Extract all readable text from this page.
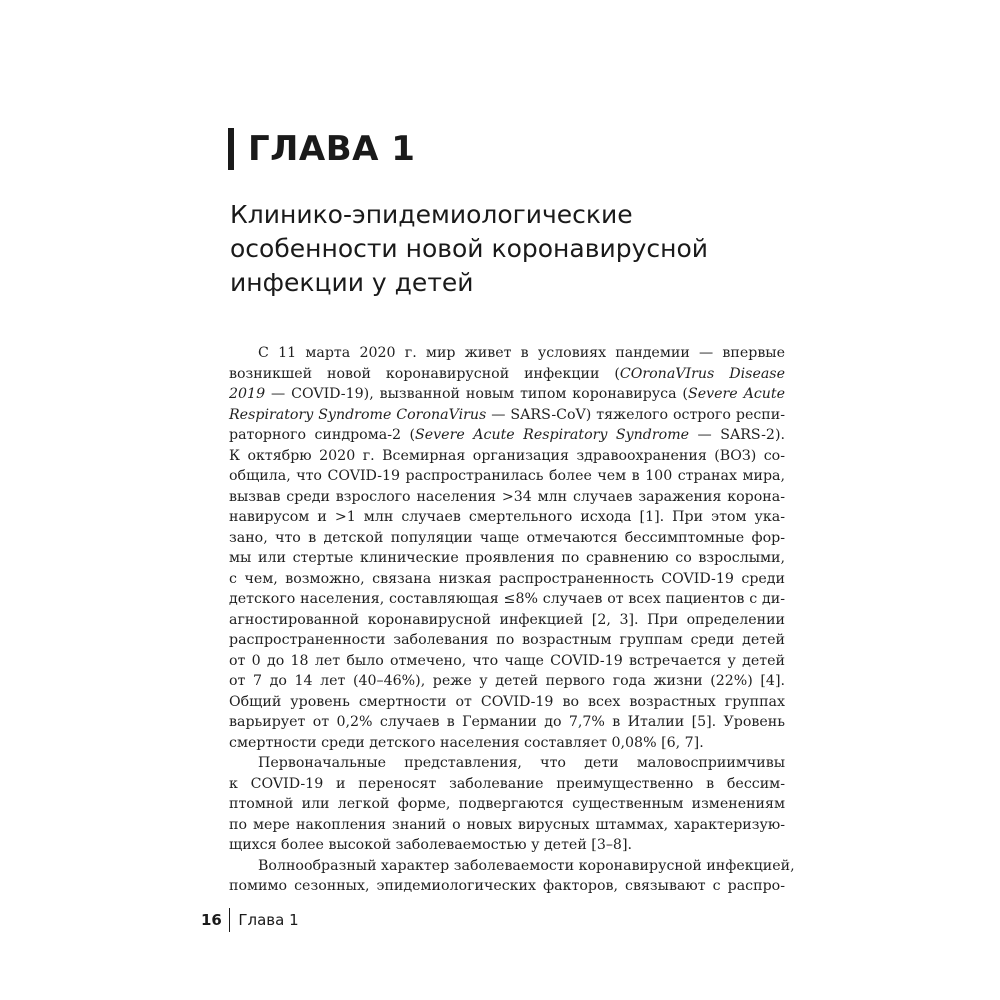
ГЛАВА 1
Клинико-эпидемиологические
особенности новой коронавирусной
инфекции у детей
С 11 марта 2020 г. мир живет в условиях пандемии — впервые
возникшей новой коронавирусной инфекции (COronaVIrus Disease
2019 — COVID-19), вызванной новым типом коронавируса (Severe Acute
Respiratory Syndrome CoronaVirus — SARS-CoV) тяжелого острого респи-
раторного синдрома-2 (Severe Acute Respiratory Syndrome — SARS-2).
К октябрю 2020 г. Всемирная организация здравоохранения (ВОЗ) со-
общила, что COVID-19 распространилась более чем в 100 странах мира,
вызвав среди взрослого населения >34 млн случаев заражения корона-
навирусом и >1 млн случаев смертельного исхода [1]. При этом ука-
зано, что в детской популяции чаще отмечаются бессимптомные фор-
мы или стертые клинические проявления по сравнению со взрослыми,
с чем, возможно, связана низкая распространенность COVID-19 среди
детского населения, составляющая ≤8% случаев от всех пациентов с ди-
агностированной коронавирусной инфекцией [2, 3]. При определении
распространенности заболевания по возрастным группам среди детей
от 0 до 18 лет было отмечено, что чаще COVID-19 встречается у детей
от 7 до 14 лет (40–46%), реже у детей первого года жизни (22%) [4].
Общий уровень смертности от COVID-19 во всех возрастных группах
варьирует от 0,2% случаев в Германии до 7,7% в Италии [5]. Уровень
смертности среди детского населения составляет 0,08% [6, 7].
Первоначальные представления, что дети маловосприимчивы
к COVID-19 и переносят заболевание преимущественно в бессим-
птомной или легкой форме, подвергаются существенным изменениям
по мере накопления знаний о новых вирусных штаммах, характеризую-
щихся более высокой заболеваемостью у детей [3–8].
Волнообразный характер заболеваемости коронавирусной инфекцией,
помимо сезонных, эпидемиологических факторов, связывают с распро-
16 Глава 1
